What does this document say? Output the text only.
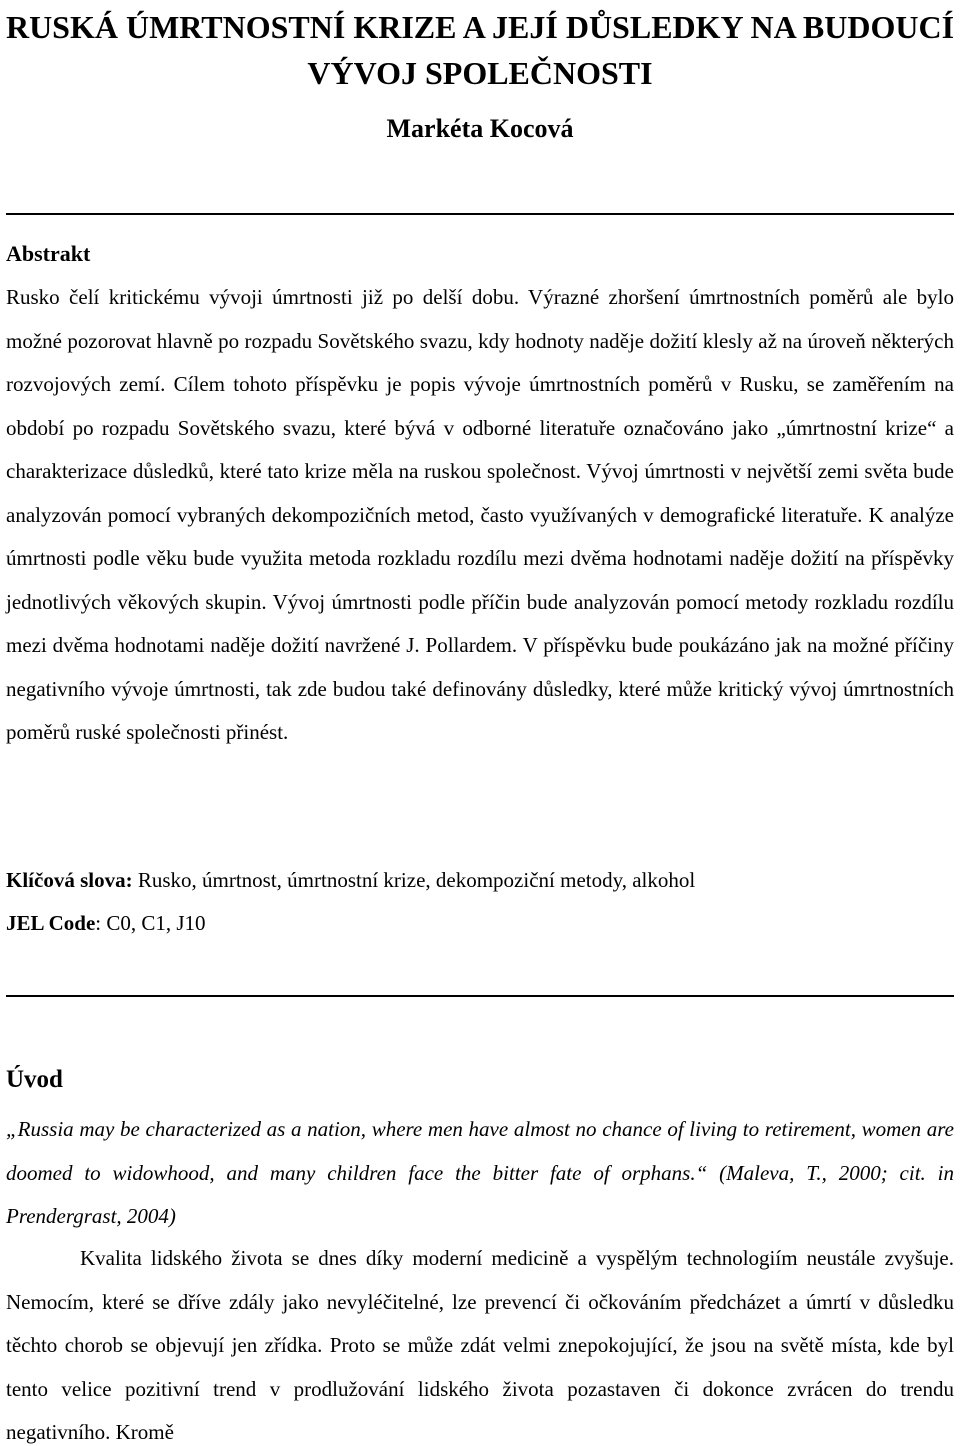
RUSKÁ ÚMRTNOSTNÍ KRIZE A JEJÍ DŮSLEDKY NA BUDOUCÍ VÝVOJ SPOLEČNOSTI
Markéta Kocová
Abstrakt

Rusko čelí kritickému vývoji úmrtnosti již po delší dobu. Výrazné zhoršení úmrtnostních poměrů ale bylo možné pozorovat hlavně po rozpadu Sovětského svazu, kdy hodnoty naděje dožití klesly až na úroveň některých rozvojových zemí. Cílem tohoto příspěvku je popis vývoje úmrtnostních poměrů v Rusku, se zaměřením na období po rozpadu Sovětského svazu, které bývá v odborné literatuře označováno jako „úmrtnostní krize“ a charakterizace důsledků, které tato krize měla na ruskou společnost. Vývoj úmrtnosti v největší zemi světa bude analyzován pomocí vybraných dekompozičních metod, často využívaných v demografické literatuře. K analýze úmrtnosti podle věku bude využita metoda rozkladu rozdílu mezi dvěma hodnotami naděje dožití na příspěvky jednotlivých věkových skupin. Vývoj úmrtnosti podle příčin bude analyzován pomocí metody rozkladu rozdílu mezi dvěma hodnotami naděje dožití navržené J. Pollardem. V příspěvku bude poukázáno jak na možné příčiny negativního vývoje úmrtnosti, tak zde budou také definovány důsledky, které může kritický vývoj úmrtnostních poměrů ruské společnosti přinést.

Klíčová slova: Rusko, úmrtnost, úmrtnostní krize, dekompoziční metody, alkohol
JEL Code: C0, C1, J10
Úvod

„Russia may be characterized as a nation, where men have almost no chance of living to retirement, women are doomed to widowhood, and many children face the bitter fate of orphans.“ (Maleva, T., 2000; cit. in Prendergrast, 2004)

Kvalita lidského života se dnes díky moderní medicině a vyspělým technologiím neustále zvyšuje. Nemocím, které se dříve zdály jako nevyléčitelné, lze prevencí či očkováním předcházet a úmrtí v důsledku těchto chorob se objevují jen zřídka. Proto se může zdát velmi znepokojující, že jsou na světě místa, kde byl tento velice pozitivní trend v prodlužování lidského života pozastaven či dokonce zvrácen do trendu negativního. Kromě
